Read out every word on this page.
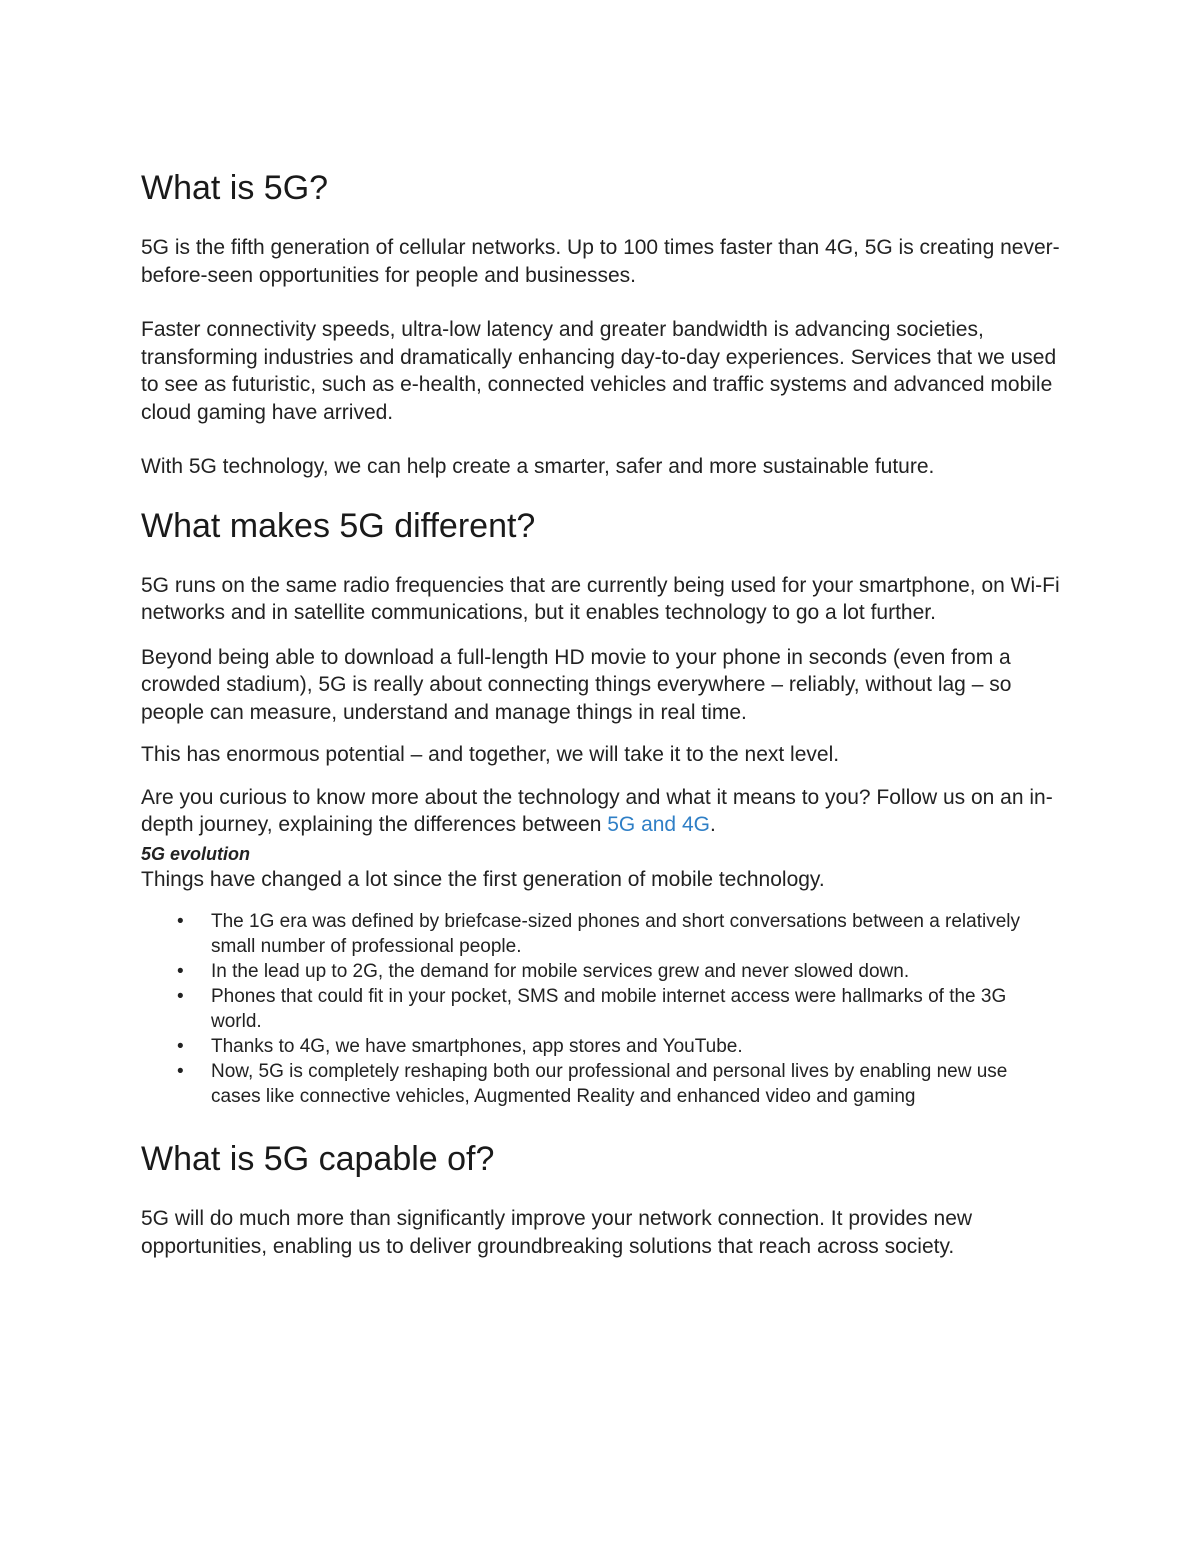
What is 5G?

5G is the fifth generation of cellular networks. Up to 100 times faster than 4G, 5G is creating never-before-seen opportunities for people and businesses.

Faster connectivity speeds, ultra-low latency and greater bandwidth is advancing societies, transforming industries and dramatically enhancing day-to-day experiences. Services that we used to see as futuristic, such as e-health, connected vehicles and traffic systems and advanced mobile cloud gaming have arrived.

With 5G technology, we can help create a smarter, safer and more sustainable future.

What makes 5G different?

5G runs on the same radio frequencies that are currently being used for your smartphone, on Wi-Fi networks and in satellite communications, but it enables technology to go a lot further.

Beyond being able to download a full-length HD movie to your phone in seconds (even from a crowded stadium), 5G is really about connecting things everywhere – reliably, without lag – so people can measure, understand and manage things in real time.

This has enormous potential – and together, we will take it to the next level.

Are you curious to know more about the technology and what it means to you? Follow us on an in-depth journey, explaining the differences between 5G and 4G.

5G evolution

Things have changed a lot since the first generation of mobile technology.

• The 1G era was defined by briefcase-sized phones and short conversations between a relatively small number of professional people.
• In the lead up to 2G, the demand for mobile services grew and never slowed down.
• Phones that could fit in your pocket, SMS and mobile internet access were hallmarks of the 3G world.
• Thanks to 4G, we have smartphones, app stores and YouTube.
• Now, 5G is completely reshaping both our professional and personal lives by enabling new use cases like connective vehicles, Augmented Reality and enhanced video and gaming
What is 5G capable of?

5G will do much more than significantly improve your network connection. It provides new opportunities, enabling us to deliver groundbreaking solutions that reach across society.
